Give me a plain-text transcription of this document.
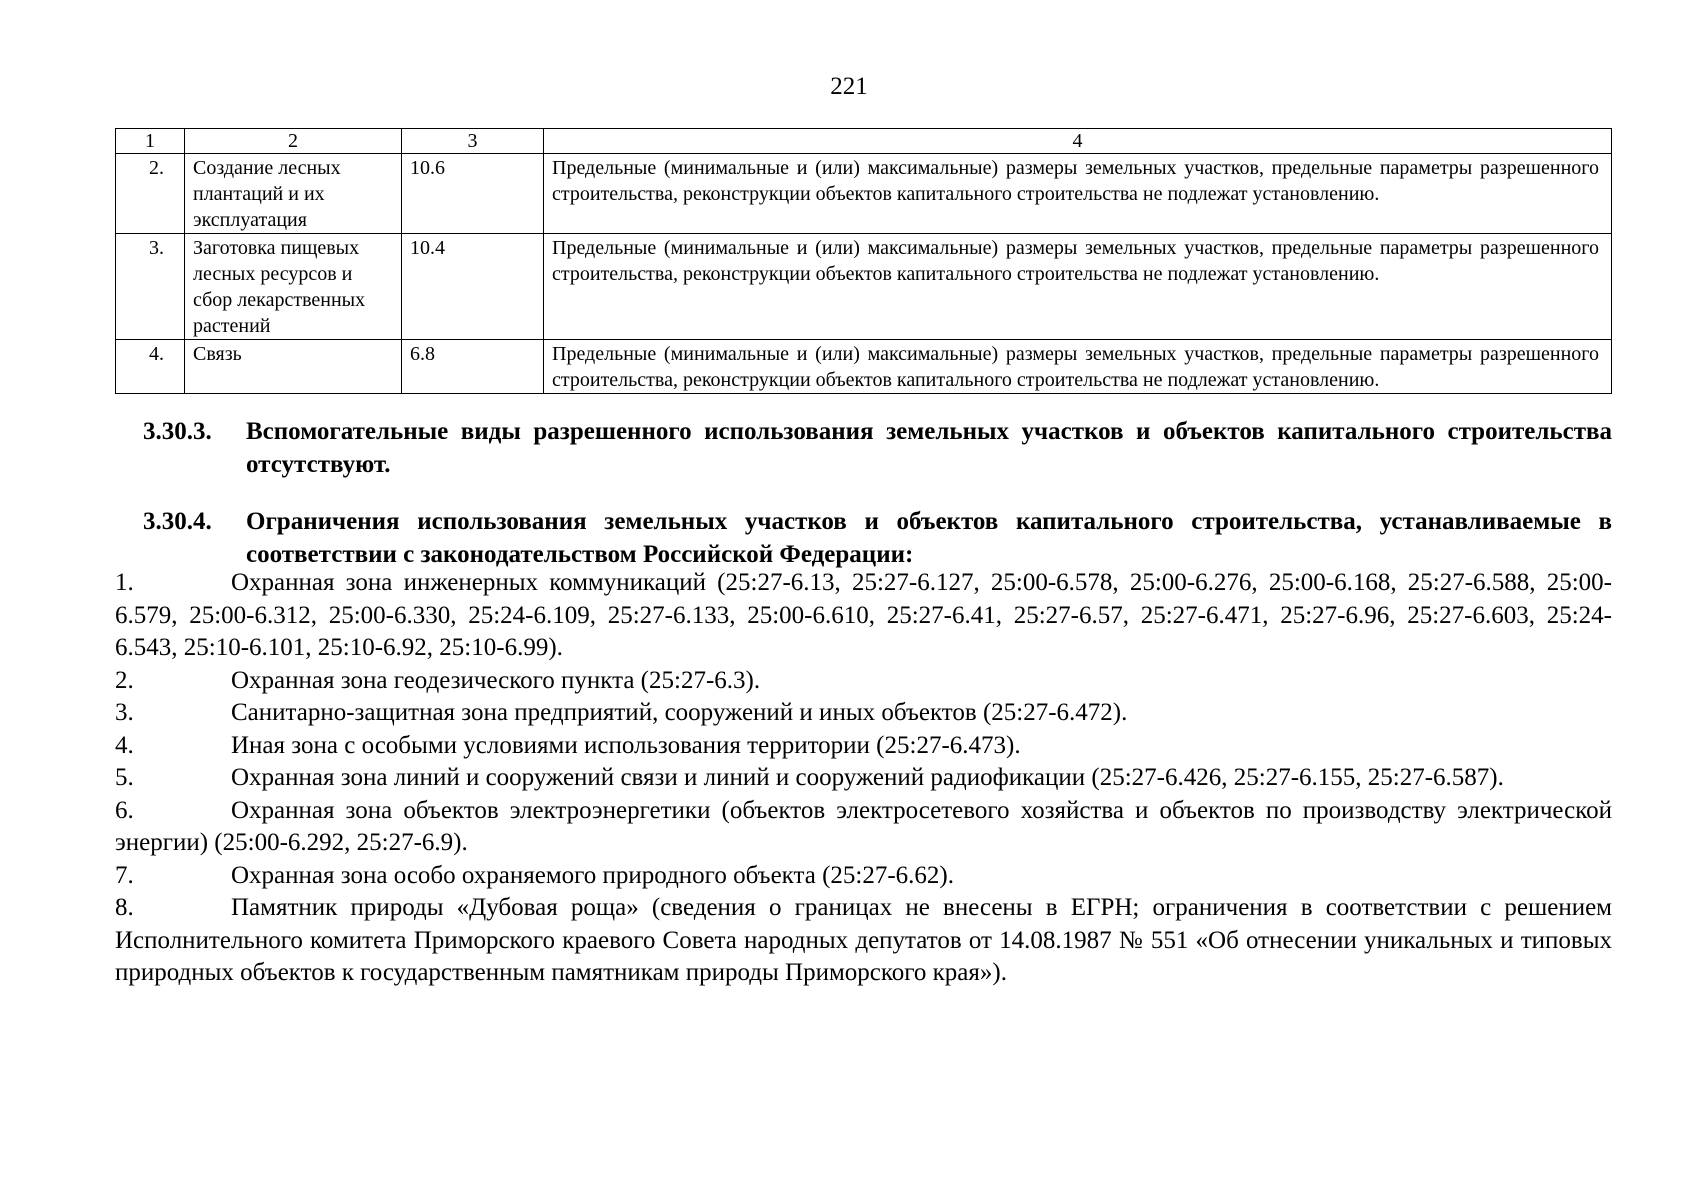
221
1	2	3	4
2.	Создание лесных плантаций и их эксплуатация	10.6	Предельные (минимальные и (или) максимальные) размеры земельных участков, предельные параметры разрешенного строительства, реконструкции объектов капитального строительства не подлежат установлению.
3.	Заготовка пищевых лесных ресурсов и сбор лекарственных растений	10.4	Предельные (минимальные и (или) максимальные) размеры земельных участков, предельные параметры разрешенного строительства, реконструкции объектов капитального строительства не подлежат установлению.
4.	Связь	6.8	Предельные (минимальные и (или) максимальные) размеры земельных участков, предельные параметры разрешенного строительства, реконструкции объектов капитального строительства не подлежат установлению.
3.30.3. Вспомогательные виды разрешенного использования земельных участков и объектов капитального строительства отсутствуют.
3.30.4. Ограничения использования земельных участков и объектов капитального строительства, устанавливаемые в соответствии с законодательством Российской Федерации:

1.	Охранная зона инженерных коммуникаций (25:27-6.13, 25:27-6.127, 25:00-6.578, 25:00-6.276, 25:00-6.168, 25:27-6.588, 25:00-6.579, 25:00-6.312, 25:00-6.330, 25:24-6.109, 25:27-6.133, 25:00-6.610, 25:27-6.41, 25:27-6.57, 25:27-6.471, 25:27-6.96, 25:27-6.603, 25:24-6.543, 25:10-6.101, 25:10-6.92, 25:10-6.99).

2.	Охранная зона геодезического пункта (25:27-6.3).

3.	Санитарно-защитная зона предприятий, сооружений и иных объектов (25:27-6.472).

4.	Иная зона с особыми условиями использования территории (25:27-6.473).

5.	Охранная зона линий и сооружений связи и линий и сооружений радиофикации (25:27-6.426, 25:27-6.155, 25:27-6.587).

6.	Охранная зона объектов электроэнергетики (объектов электросетевого хозяйства и объектов по производству электрической энергии) (25:00-6.292, 25:27-6.9).

7.	Охранная зона особо охраняемого природного объекта (25:27-6.62).

8.	Памятник природы «Дубовая роща» (сведения о границах не внесены в ЕГРН; ограничения в соответствии с решением Исполнительного комитета Приморского краевого Совета народных депутатов от 14.08.1987 № 551 «Об отнесении уникальных и типовых природных объектов к государственным памятникам природы Приморского края»).
